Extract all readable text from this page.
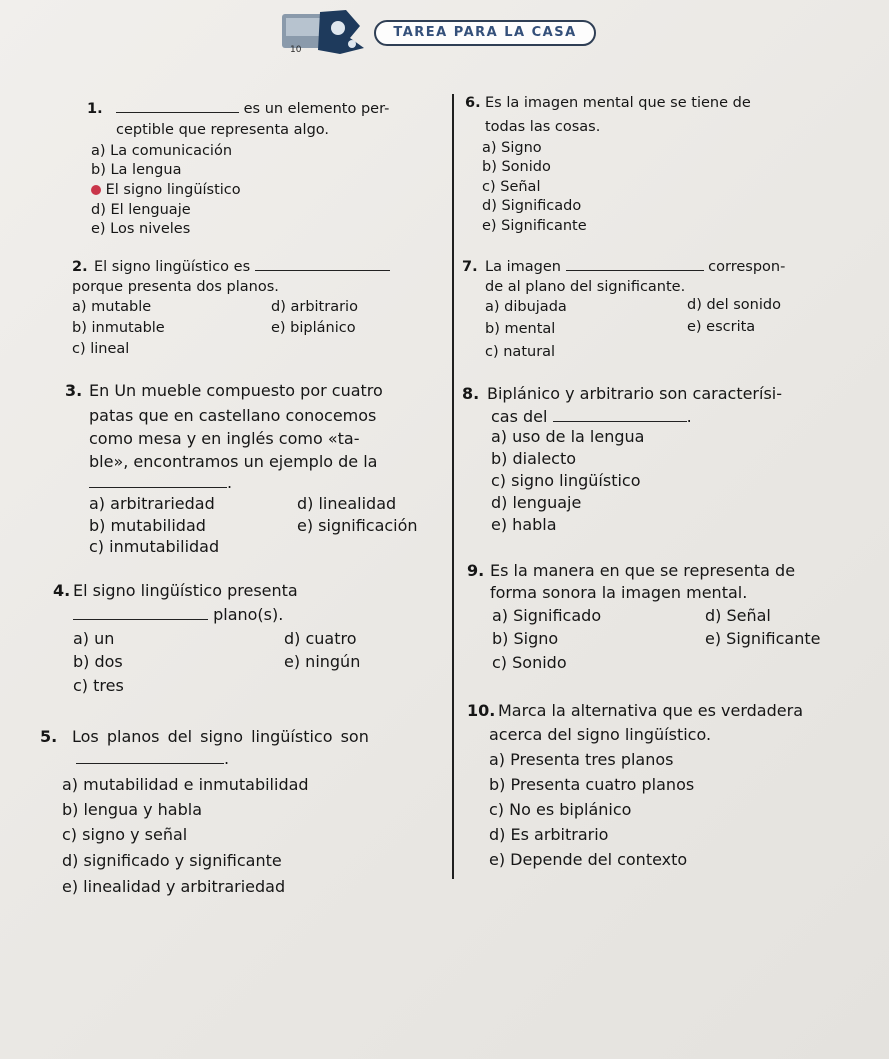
10
TAREA PARA LA CASA
1.	es un elemento per-
ceptible que representa algo.
a) La comunicación
b) La lengua
El signo lingüístico
d) El lenguaje
e) Los niveles
2. El signo lingüístico es
porque presenta dos planos.
a) mutable	d) arbitrario
b) inmutable	e) biplánico
c) lineal
3. En Un mueble compuesto por cuatro
patas que en castellano conocemos
como mesa y en inglés como «ta-
ble», encontramos un ejemplo de la
.
a) arbitrariedad	d) linealidad
b) mutabilidad	e) significación
c) inmutabilidad
4. El signo lingüístico presenta
plano(s).
a) un	d) cuatro
b) dos	e) ningún
c) tres
5. Los planos del signo lingüístico son
.
a) mutabilidad e inmutabilidad
b) lengua y habla
c) signo y señal
d) significado y significante
e) linealidad y arbitrariedad
6. Es la imagen mental que se tiene de
todas las cosas.
a) Signo
b) Sonido
c) Señal
d) Significado
e) Significante
7. La imagen	correspon-
de al plano del significante.
a) dibujada	d) del sonido
b) mental	e) escrita
c) natural
8. Biplánico y arbitrario son caracterísi-
cas del	.
a) uso de la lengua
b) dialecto
c) signo lingüístico
d) lenguaje
e) habla
9. Es la manera en que se representa de
forma sonora la imagen mental.
a) Significado	d) Señal
b) Signo	e) Significante
c) Sonido
10. Marca la alternativa que es verdadera
acerca del signo lingüístico.
a) Presenta tres planos
b) Presenta cuatro planos
c) No es biplánico
d) Es arbitrario
e) Depende del contexto
